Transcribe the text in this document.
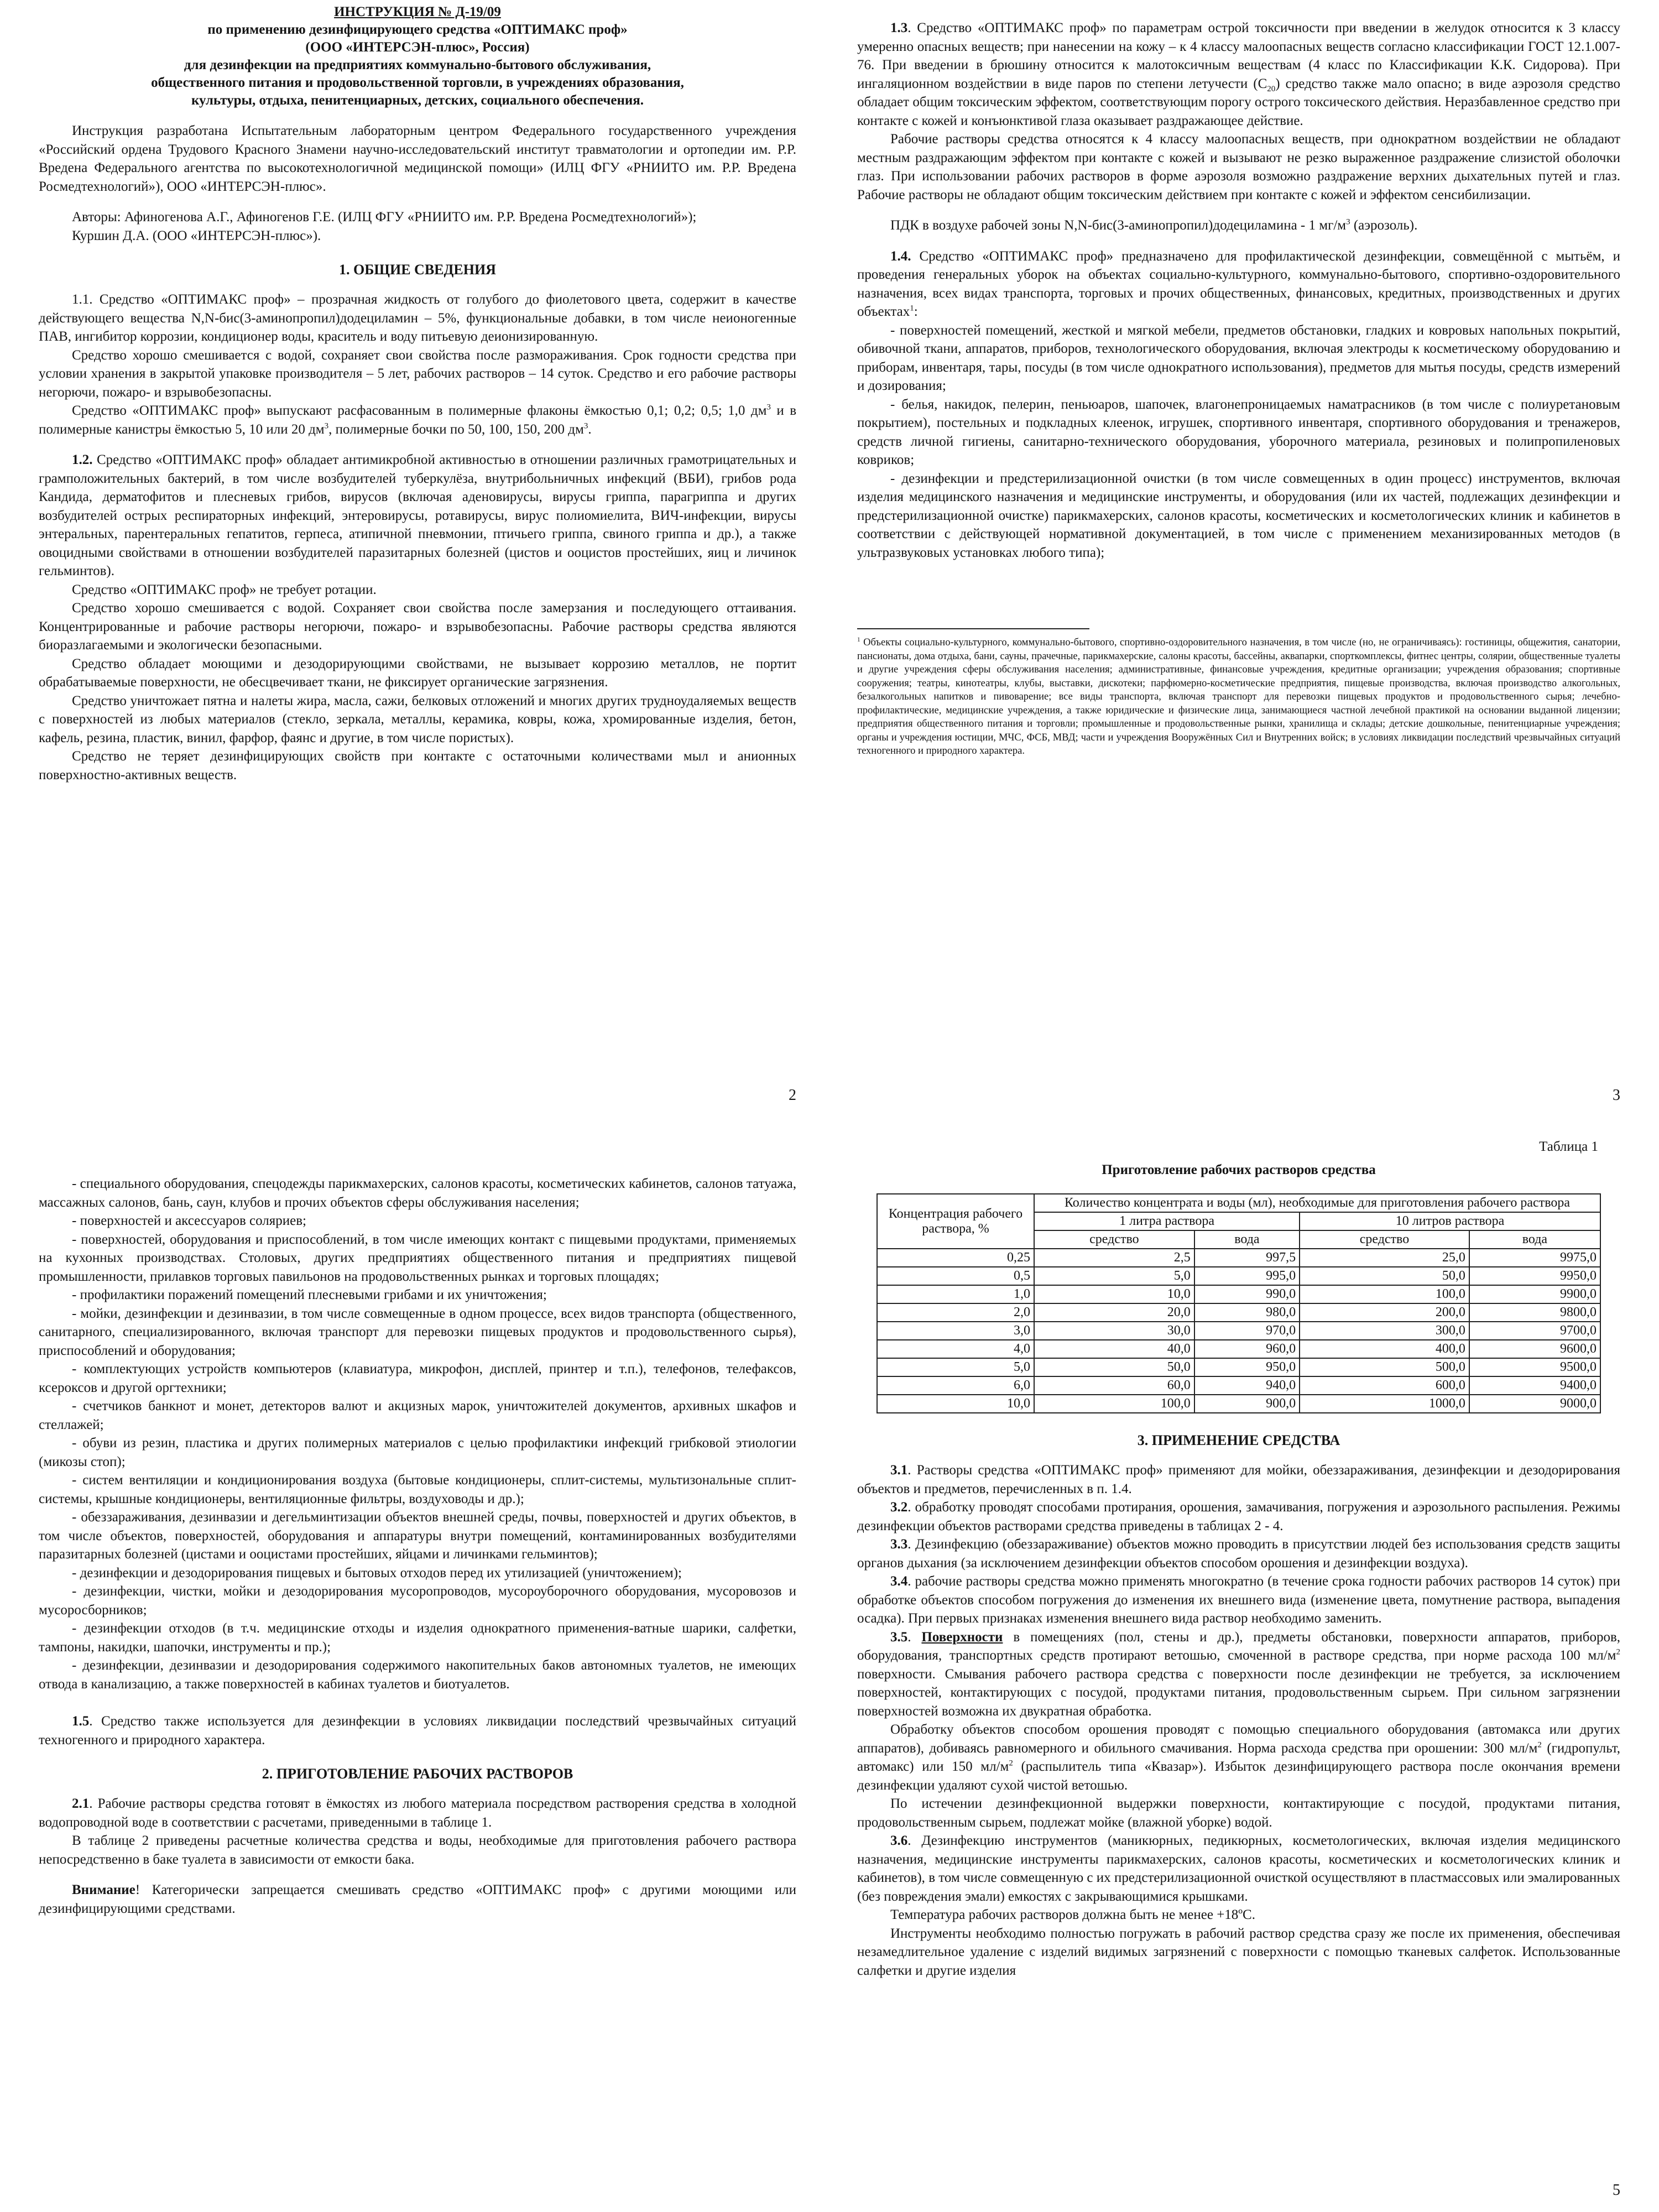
ИНСТРУКЦИЯ № Д-19/09

по применению дезинфицирующего средства «ОПТИМАКС проф»

(ООО «ИНТЕРСЭН-плюс», Россия)

для дезинфекции на предприятиях коммунально-бытового обслуживания,

общественного питания и продовольственной торговли, в учреждениях образования,

культуры, отдыха, пенитенциарных, детских, социального обеспечения.

Инструкция разработана Испытательным лабораторным центром Федерального государственного учреждения «Российский ордена Трудового Красного Знамени научно-исследовательский институт травматологии и ортопедии им. Р.Р. Вредена Федерального агентства по высокотехнологичной медицинской помощи» (ИЛЦ ФГУ «РНИИТО им. Р.Р. Вредена Росмедтехнологий»), ООО «ИНТЕРСЭН-плюс».

Авторы: Афиногенова А.Г., Афиногенов Г.Е. (ИЛЦ ФГУ «РНИИТО им. Р.Р. Вредена Росмедтехнологий»);

Куршин Д.А. (ООО «ИНТЕРСЭН-плюс»).

1. ОБЩИЕ СВЕДЕНИЯ

1.1. Средство «ОПТИМАКС проф» – прозрачная жидкость от голубого до фиолетового цвета, содержит в качестве действующего вещества N,N-бис(3-аминопропил)додециламин – 5%, функциональные добавки, в том числе неионогенные ПАВ, ингибитор коррозии, кондиционер воды, краситель и воду питьевую деионизированную.

Средство хорошо смешивается с водой, сохраняет свои свойства после размораживания. Срок годности средства при условии хранения в закрытой упаковке производителя – 5 лет, рабочих растворов – 14 суток. Средство и его рабочие растворы негорючи, пожаро- и взрывобезопасны.

Средство «ОПТИМАКС проф» выпускают расфасованным в полимерные флаконы ёмкостью 0,1; 0,2; 0,5; 1,0 $дм^3$ и в полимерные канистры ёмкостью 5, 10 или 20 $дм^3$, полимерные бочки по 50, 100, 150, 200 $дм^3$.

1.2. Средство «ОПТИМАКС проф» обладает антимикробной активностью в отношении различных грамотрицательных и грамположительных бактерий, в том числе возбудителей туберкулёза, внутрибольничных инфекций (ВБИ), грибов рода Кандида, дерматофитов и плесневых грибов, вирусов (включая аденовирусы, вирусы гриппа, парагриппа и других возбудителей острых респираторных инфекций, энтеровирусы, ротавирусы, вирус полиомиелита, ВИЧ-инфекции, вирусы энтеральных, парентеральных гепатитов, герпеса, атипичной пневмонии, птичьего гриппа, свиного гриппа и др.), а также овоцидными свойствами в отношении возбудителей паразитарных болезней (цистов и ооцистов простейших, яиц и личинок гельминтов).

Средство «ОПТИМАКС проф» не требует ротации.

Средство хорошо смешивается с водой. Сохраняет свои свойства после замерзания и последующего оттаивания. Концентрированные и рабочие растворы негорючи, пожаро- и взрывобезопасны. Рабочие растворы средства являются биоразлагаемыми и экологически безопасными.

Средство обладает моющими и дезодорирующими свойствами, не вызывает коррозию металлов, не портит обрабатываемые поверхности, не обесцвечивает ткани, не фиксирует органические загрязнения.

Средство уничтожает пятна и налеты жира, масла, сажи, белковых отложений и многих других трудноудаляемых веществ с поверхностей из любых материалов (стекло, зеркала, металлы, керамика, ковры, кожа, хромированные изделия, бетон, кафель, резина, пластик, винил, фарфор, фаянс и другие, в том числе пористых).

Средство не теряет дезинфицирующих свойств при контакте с остаточными количествами мыл и анионных поверхностно-активных веществ.

2

1.3. Средство «ОПТИМАКС проф» по параметрам острой токсичности при введении в желудок относится к 3 классу умеренно опасных веществ; при нанесении на кожу – к 4 классу малоопасных веществ согласно классификации ГОСТ 12.1.007-76. При введении в брюшину относится к малотоксичным веществам (4 класс по Классификации К.К. Сидорова). При ингаляционном воздействии в виде паров по степени летучести $(С_{20})$ средство также мало опасно; в виде аэрозоля средство обладает общим токсическим эффектом, соответствующим порогу острого токсического действия. Неразбавленное средство при контакте с кожей и конъюнктивой глаза оказывает раздражающее действие.

Рабочие растворы средства относятся к 4 классу малоопасных веществ, при однократном воздействии не обладают местным раздражающим эффектом при контакте с кожей и вызывают не резко выраженное раздражение слизистой оболочки глаз. При использовании рабочих растворов в форме аэрозоля возможно раздражение верхних дыхательных путей и глаз. Рабочие растворы не обладают общим токсическим действием при контакте с кожей и эффектом сенсибилизации.

ПДК в воздухе рабочей зоны N,N-бис(3-аминопропил)додециламина - 1 $мг/м^3$ (аэрозоль).

1.4. Средство «ОПТИМАКС проф» предназначено для профилактической дезинфекции, совмещённой с мытьём, и проведения генеральных уборок на объектах социально-культурного, коммунально-бытового, спортивно-оздоровительного назначения, всех видах транспорта, торговых и прочих общественных, финансовых, кредитных, производственных и других объектах$^1$:

- поверхностей помещений, жесткой и мягкой мебели, предметов обстановки, гладких и ковровых напольных покрытий, обивочной ткани, аппаратов, приборов, технологического оборудования, включая электроды к косметическому оборудованию и приборам, инвентаря, тары, посуды (в том числе однократного использования), предметов для мытья посуды, средств измерений и дозирования;

- белья, накидок, пелерин, пеньюаров, шапочек, влагонепроницаемых наматрасников (в том числе с полиуретановым покрытием), постельных и подкладных клеенок, игрушек, спортивного инвентаря, спортивного оборудования и тренажеров, средств личной гигиены, санитарно-технического оборудования, уборочного материала, резиновых и полипропиленовых ковриков;

- дезинфекции и предстерилизационной очистки (в том числе совмещенных в один процесс) инструментов, включая изделия медицинского назначения и медицинские инструменты, и оборудования (или их частей, подлежащих дезинфекции и предстерилизационной очистке) парикмахерских, салонов красоты, косметических и косметологических клиник и кабинетов в соответствии с действующей нормативной документацией, в том числе с применением механизированных методов (в ультразвуковых установках любого типа);

$^1$ Объекты социально-культурного, коммунально-бытового, спортивно-оздоровительного назначения, в том числе (но, не ограничиваясь): гостиницы, общежития, санатории, пансионаты, дома отдыха, бани, сауны, прачечные, парикмахерские, салоны красоты, бассейны, аквапарки, спорткомплексы, фитнес центры, солярии, общественные туалеты и другие учреждения сферы обслуживания населения; административные, финансовые учреждения, кредитные организации; учреждения образования; спортивные сооружения; театры, кинотеатры, клубы, выставки, дискотеки; парфюмерно-косметические предприятия, пищевые производства, включая производство алкогольных, безалкогольных напитков и пивоварение; все виды транспорта, включая транспорт для перевозки пищевых продуктов и продовольственного сырья; лечебно-профилактические, медицинские учреждения, а также юридические и физические лица, занимающиеся частной лечебной практикой на основании выданной лицензии; предприятия общественного питания и торговли; промышленные и продовольственные рынки, хранилища и склады; детские дошкольные, пенитенциарные учреждения; органы и учреждения юстиции, МЧС, ФСБ, МВД; части и учреждения Вооружённых Сил и Внутренних войск; в условиях ликвидации последствий чрезвычайных ситуаций техногенного и природного характера.

3

- специального оборудования, спецодежды парикмахерских, салонов красоты, косметических кабинетов, салонов татуажа, массажных салонов, бань, саун, клубов и прочих объектов сферы обслуживания населения;

- поверхностей и аксессуаров соляриев;

- поверхностей, оборудования и приспособлений, в том числе имеющих контакт с пищевыми продуктами, применяемых на кухонных производствах. Столовых, других предприятиях общественного питания и предприятиях пищевой промышленности, прилавков торговых павильонов на продовольственных рынках и торговых площадях;

- профилактики поражений помещений плесневыми грибами и их уничтожения;

- мойки, дезинфекции и дезинвазии, в том числе совмещенные в одном процессе, всех видов транспорта (общественного, санитарного, специализированного, включая транспорт для перевозки пищевых продуктов и продовольственного сырья), приспособлений и оборудования;

- комплектующих устройств компьютеров (клавиатура, микрофон, дисплей, принтер и т.п.), телефонов, телефаксов, ксероксов и другой оргтехники;

- счетчиков банкнот и монет, детекторов валют и акцизных марок, уничтожителей документов, архивных шкафов и стеллажей;

- обуви из резин, пластика и других полимерных материалов с целью профилактики инфекций грибковой этиологии (микозы стоп);

- систем вентиляции и кондиционирования воздуха (бытовые кондиционеры, сплит-системы, мультизональные сплит-системы, крышные кондиционеры, вентиляционные фильтры, воздуховоды и др.);

- обеззараживания, дезинвазии и дегельминтизации объектов внешней среды, почвы, поверхностей и других объектов, в том числе объектов, поверхностей, оборудования и аппаратуры внутри помещений, контаминированных возбудителями паразитарных болезней (цистами и ооцистами простейших, яйцами и личинками гельминтов);

- дезинфекции и дезодорирования пищевых и бытовых отходов перед их утилизацией (уничтожением);

- дезинфекции, чистки, мойки и дезодорирования мусоропроводов, мусороуборочного оборудования, мусоровозов и мусоросборников;

- дезинфекции отходов (в т.ч. медицинские отходы и изделия однократного применения-ватные шарики, салфетки, тампоны, накидки, шапочки, инструменты и пр.);

- дезинфекции, дезинвазии и дезодорирования содержимого накопительных баков автономных туалетов, не имеющих отвода в канализацию, а также поверхностей в кабинах туалетов и биотуалетов.

1.5. Средство также используется для дезинфекции в условиях ликвидации последствий чрезвычайных ситуаций техногенного и природного характера.

2. ПРИГОТОВЛЕНИЕ РАБОЧИХ РАСТВОРОВ

2.1. Рабочие растворы средства готовят в ёмкостях из любого материала посредством растворения средства в холодной водопроводной воде в соответствии с расчетами, приведенными в таблице 1.

В таблице 2 приведены расчетные количества средства и воды, необходимые для приготовления рабочего раствора непосредственно в баке туалета в зависимости от емкости бака.

Внимание! Категорически запрещается смешивать средство «ОПТИМАКС проф» с другими моющими или дезинфицирующими средствами.

Таблица 1
Приготовление рабочих растворов средства
Концентрация рабочего раствора, %	Количество концентрата и воды (мл), необходимые для приготовления рабочего раствора			
	1 литра раствора		10 литров раствора	
	средство	вода	средство	вода
0,25	2,5	997,5	25,0	9975,0
0,5	5,0	995,0	50,0	9950,0
1,0	10,0	990,0	100,0	9900,0
2,0	20,0	980,0	200,0	9800,0
3,0	30,0	970,0	300,0	9700,0
4,0	40,0	960,0	400,0	9600,0
5,0	50,0	950,0	500,0	9500,0
6,0	60,0	940,0	600,0	9400,0
10,0	100,0	900,0	1000,0	9000,0
3. ПРИМЕНЕНИЕ СРЕДСТВА

3.1. Растворы средства «ОПТИМАКС проф» применяют для мойки, обеззараживания, дезинфекции и дезодорирования объектов и предметов, перечисленных в п. 1.4.

3.2. обработку проводят способами протирания, орошения, замачивания, погружения и аэрозольного распыления. Режимы дезинфекции объектов растворами средства приведены в таблицах 2 - 4.

3.3. Дезинфекцию (обеззараживание) объектов можно проводить в присутствии людей без использования средств защиты органов дыхания (за исключением дезинфекции объектов способом орошения и дезинфекции воздуха).

3.4. рабочие растворы средства можно применять многократно (в течение срока годности рабочих растворов 14 суток) при обработке объектов способом погружения до изменения их внешнего вида (изменение цвета, помутнение раствора, выпадения осадка). При первых признаках изменения внешнего вида раствор необходимо заменить.

3.5. Поверхности в помещениях (пол, стены и др.), предметы обстановки, поверхности аппаратов, приборов, оборудования, транспортных средств протирают ветошью, смоченной в растворе средства, при норме расхода 100 $мл/м^2$ поверхности. Смывания рабочего раствора средства с поверхности после дезинфекции не требуется, за исключением поверхностей, контактирующих с посудой, продуктами питания, продовольственным сырьем. При сильном загрязнении поверхностей возможна их двукратная обработка.

Обработку объектов способом орошения проводят с помощью специального оборудования (автомакса или других аппаратов), добиваясь равномерного и обильного смачивания. Норма расхода средства при орошении: 300 $мл/м^2$ (гидропульт, автомакс) или 150 $мл/м^2$ (распылитель типа «Квазар»). Избыток дезинфицирующего раствора после окончания времени дезинфекции удаляют сухой чистой ветошью.

По истечении дезинфекционной выдержки поверхности, контактирующие с посудой, продуктами питания, продовольственным сырьем, подлежат мойке (влажной уборке) водой.

3.6. Дезинфекцию инструментов (маникюрных, педикюрных, косметологических, включая изделия медицинского назначения, медицинские инструменты парикмахерских, салонов красоты, косметических и косметологических клиник и кабинетов), в том числе совмещенную с их предстерилизационной очисткой осуществляют в пластмассовых или эмалированных (без повреждения эмали) емкостях с закрывающимися крышками.

Температура рабочих растворов должна быть не менее +18ºС.

Инструменты необходимо полностью погружать в рабочий раствор средства сразу же после их применения, обеспечивая незамедлительное удаление с изделий видимых загрязнений с поверхности с помощью тканевых салфеток. Использованные салфетки и другие изделия

5
